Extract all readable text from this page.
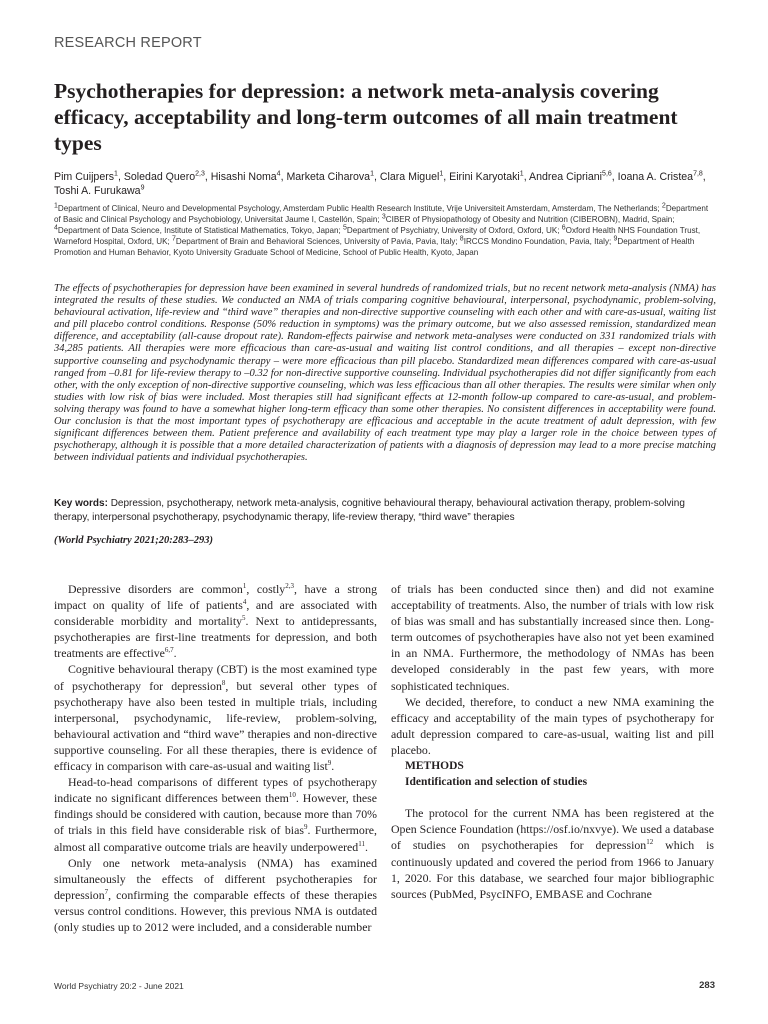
RESEARCH REPORT
Psychotherapies for depression: a network meta-analysis covering efficacy, acceptability and long-term outcomes of all main treatment types
Pim Cuijpers$^1$, Soledad Quero$^{2,3}$, Hisashi Noma$^4$, Marketa Ciharova$^1$, Clara Miguel$^1$, Eirini Karyotaki$^1$, Andrea Cipriani$^{5,6}$, Ioana A. Cristea$^{7,8}$, Toshi A. Furukawa$^9$
$^1$Department of Clinical, Neuro and Developmental Psychology, Amsterdam Public Health Research Institute, Vrije Universiteit Amsterdam, Amsterdam, The Netherlands; $^2$Department of Basic and Clinical Psychology and Psychobiology, Universitat Jaume I, Castellón, Spain; $^3$CIBER of Physiopathology of Obesity and Nutrition (CIBEROBN), Madrid, Spain; $^4$Department of Data Science, Institute of Statistical Mathematics, Tokyo, Japan; $^5$Department of Psychiatry, University of Oxford, Oxford, UK; $^6$Oxford Health NHS Foundation Trust, Warneford Hospital, Oxford, UK; $^7$Department of Brain and Behavioral Sciences, University of Pavia, Pavia, Italy; $^8$IRCCS Mondino Foundation, Pavia, Italy; $^9$Department of Health Promotion and Human Behavior, Kyoto University Graduate School of Medicine, School of Public Health, Kyoto, Japan

The effects of psychotherapies for depression have been examined in several hundreds of randomized trials, but no recent network meta-analysis (NMA) has integrated the results of these studies. We conducted an NMA of trials comparing cognitive behavioural, interpersonal, psychodynamic, problem-solving, behavioural activation, life-review and “third wave” therapies and non-directive supportive counseling with each other and with care-as-usual, waiting list and pill placebo control conditions. Response (50% reduction in symptoms) was the primary outcome, but we also assessed remission, standardized mean difference, and acceptability (all-cause dropout rate). Random-effects pairwise and network meta-analyses were conducted on 331 randomized trials with 34,285 patients. All therapies were more efficacious than care-as-usual and waiting list control conditions, and all therapies – except non-directive supportive counseling and psychodynamic therapy – were more efficacious than pill placebo. Standardized mean differences compared with care-as-usual ranged from –0.81 for life-review therapy to –0.32 for non-directive supportive counseling. Individual psychotherapies did not differ significantly from each other, with the only exception of non-directive supportive counseling, which was less efficacious than all other therapies. The results were similar when only studies with low risk of bias were included. Most therapies still had significant effects at 12-month follow-up compared to care-as-usual, and problem-solving therapy was found to have a somewhat higher long-term efficacy than some other therapies. No consistent differences in acceptability were found. Our conclusion is that the most important types of psychotherapy are efficacious and acceptable in the acute treatment of adult depression, with few significant differences between them. Patient preference and availability of each treatment type may play a larger role in the choice between types of psychotherapy, although it is possible that a more detailed characterization of patients with a diagnosis of depression may lead to a more precise matching between individual patients and individual psychotherapies.

Key words: Depression, psychotherapy, network meta-analysis, cognitive behavioural therapy, behavioural activation therapy, problem-solving therapy, interpersonal psychotherapy, psychodynamic therapy, life-review therapy, “third wave” therapies

(World Psychiatry 2021;20:283–293)

Depressive disorders are common$^1$, costly$^{2,3}$, have a strong impact on quality of life of patients$^4$, and are associated with considerable morbidity and mortality$^5$. Next to antidepressants, psychotherapies are first-line treatments for depression, and both treatments are effective$^{6,7}$.

Cognitive behavioural therapy (CBT) is the most examined type of psychotherapy for depression$^8$, but several other types of psychotherapy have also been tested in multiple trials, including interpersonal, psychodynamic, life-review, problem-solving, behavioural activation and “third wave” therapies and non-directive supportive counseling. For all these therapies, there is evidence of efficacy in comparison with care-as-usual and waiting list$^9$.

Head-to-head comparisons of different types of psychotherapy indicate no significant differences between them$^{10}$. However, these findings should be considered with caution, because more than 70% of trials in this field have considerable risk of bias$^9$. Furthermore, almost all comparative outcome trials are heavily underpowered$^{11}$.

Only one network meta-analysis (NMA) has examined simultaneously the effects of different psychotherapies for depression$^7$, confirming the comparable effects of these therapies versus control conditions. However, this previous NMA is outdated (only studies up to 2012 were included, and a considerable number

of trials has been conducted since then) and did not examine acceptability of treatments. Also, the number of trials with low risk of bias was small and has substantially increased since then. Long-term outcomes of psychotherapies have also not yet been examined in an NMA. Furthermore, the methodology of NMAs has been developed considerably in the past few years, with more sophisticated techniques.

We decided, therefore, to conduct a new NMA examining the efficacy and acceptability of the main types of psychotherapy for adult depression compared to care-as-usual, waiting list and pill placebo.

METHODS

Identification and selection of studies

The protocol for the current NMA has been registered at the Open Science Foundation (https://osf.io/nxvye). We used a database of studies on psychotherapies for depression$^{12}$ which is continuously updated and covered the period from 1966 to January 1, 2020. For this database, we searched four major bibliographic sources (PubMed, PsycINFO, EMBASE and Cochrane

World Psychiatry 20:2 - June 2021	283
